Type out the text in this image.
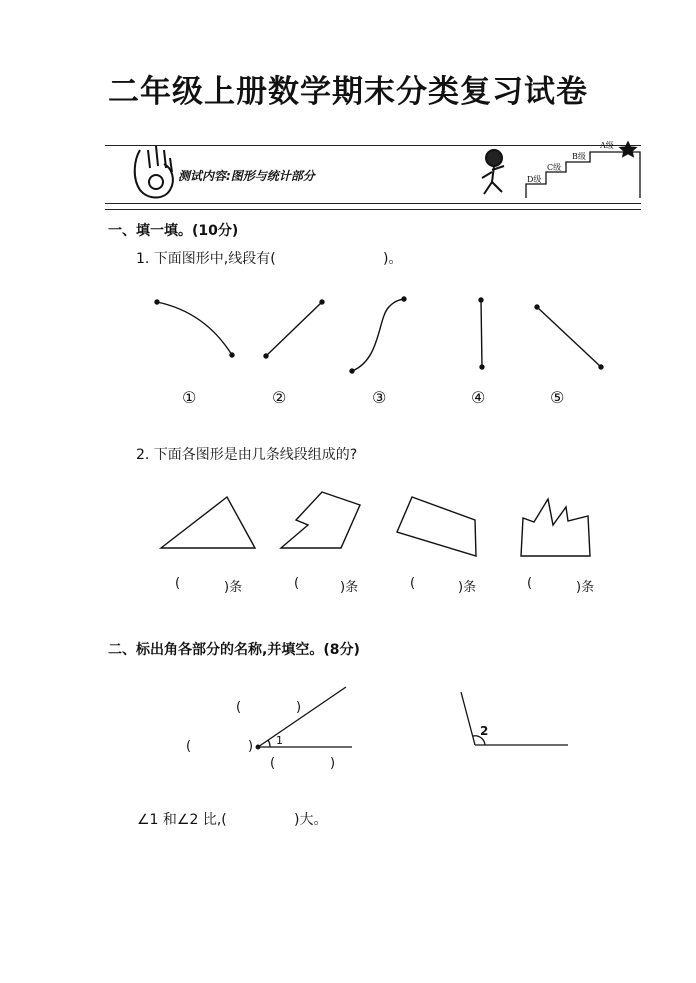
二年级上册数学期末分类复习试卷
测试内容:图形与统计部分	D级
C级
B级
A级
一、填一填。(10分)
1. 下面图形中,线段有(	)。
①	②	③	④	⑤
2. 下面各图形是由几条线段组成的?
(	)条	(	)条	(	)条	(	)条
二、标出角各部分的名称,并填空。(8分)
(	)
(	)
(	)
1
2
∠1 和∠2 比,(	)大。
